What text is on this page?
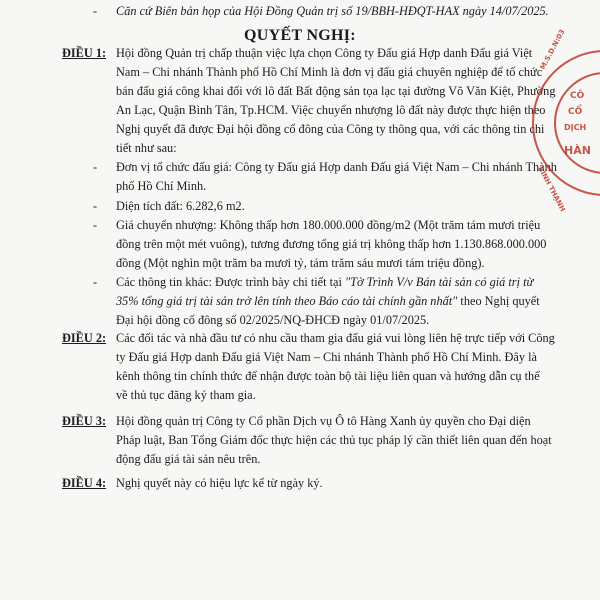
- Căn cứ Biên bản họp của Hội Đồng Quản trị số 19/BBH-HĐQT-HAX ngày 14/07/2025.
QUYẾT NGHỊ:
ĐIỀU 1: Hội đồng Quản trị chấp thuận việc lựa chọn Công ty Đấu giá Hợp danh Đấu giá Việt
Nam – Chi nhánh Thành phố Hồ Chí Minh là đơn vị đấu giá chuyên nghiệp để tổ chức
bán đấu giá công khai đối với lô đất Bất động sản tọa lạc tại đường Võ Văn Kiệt, Phường
An Lạc, Quận Bình Tân, Tp.HCM. Việc chuyển nhượng lô đất này được thực hiện theo
Nghị quyết đã được Đại hội đồng cổ đông của Công ty thông qua, với các thông tin chi
tiết như sau:
- Đơn vị tổ chức đấu giá: Công ty Đấu giá Hợp danh Đấu giá Việt Nam – Chi nhánh Thành
phố Hồ Chí Minh.
- Diện tích đất: 6.282,6 m2.
- Giá chuyển nhượng: Không thấp hơn 180.000.000 đồng/m2 (Một trăm tám mươi triệu
đồng trên một mét vuông), tương đương tổng giá trị không thấp hơn 1.130.868.000.000
đồng (Một nghìn một trăm ba mươi tỷ, tám trăm sáu mươi tám triệu đồng).
- Các thông tin khác: Được trình bày chi tiết tại "Tờ Trình V/v Bán tài sản có giá trị từ
35% tổng giá trị tài sản trở lên tính theo Báo cáo tài chính gần nhất" theo Nghị quyết
Đại hội đồng cổ đông số 02/2025/NQ-ĐHCĐ ngày 01/07/2025.
ĐIỀU 2: Các đối tác và nhà đầu tư có nhu cầu tham gia đấu giá vui lòng liên hệ trực tiếp với Công
ty Đấu giá Hợp danh Đấu giá Việt Nam – Chi nhánh Thành phố Hồ Chí Minh. Đây là
kênh thông tin chính thức để nhận được toàn bộ tài liệu liên quan và hướng dẫn cụ thể
về thủ tục đăng ký tham gia.
ĐIỀU 3: Hội đồng quản trị Công ty Cổ phần Dịch vụ Ô tô Hàng Xanh ủy quyền cho Đại diện
Pháp luật, Ban Tổng Giám đốc thực hiện các thủ tục pháp lý cần thiết liên quan đến hoạt
động đấu giá tài sản nêu trên.
ĐIỀU 4: Nghị quyết này có hiệu lực kể từ ngày ký.
M.S.D.N:03
BÌNH THẠNH
CÔ
CỔ
DỊCH
HÀN
